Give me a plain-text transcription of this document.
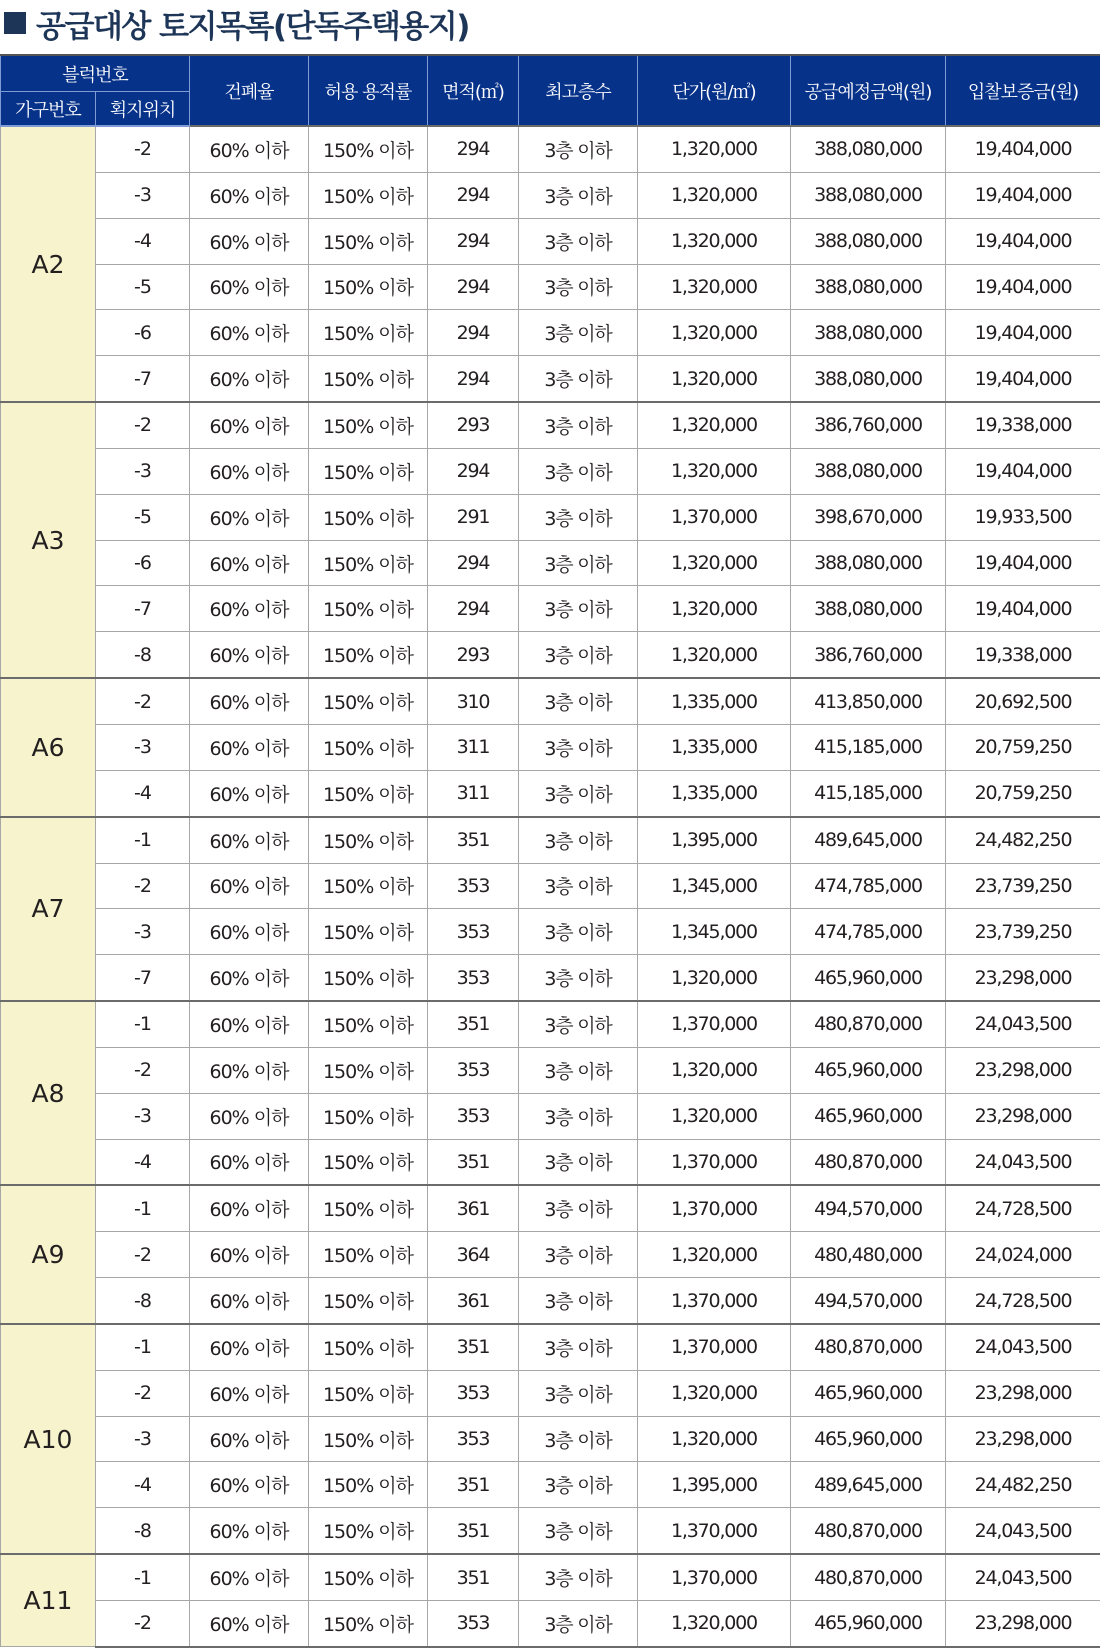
공급대상 토지목록(단독주택용지)
블럭번호		건폐율	허용 용적률	면적(㎡)	최고층수	단가(원/㎡)	공급예정금액(원)	입찰보증금(원)
가구번호	획지위치							
A2	-2	60% 이하	150% 이하	294	3층 이하	1,320,000	388,080,000	19,404,000
	-3	60% 이하	150% 이하	294	3층 이하	1,320,000	388,080,000	19,404,000
	-4	60% 이하	150% 이하	294	3층 이하	1,320,000	388,080,000	19,404,000
	-5	60% 이하	150% 이하	294	3층 이하	1,320,000	388,080,000	19,404,000
	-6	60% 이하	150% 이하	294	3층 이하	1,320,000	388,080,000	19,404,000
	-7	60% 이하	150% 이하	294	3층 이하	1,320,000	388,080,000	19,404,000
A3	-2	60% 이하	150% 이하	293	3층 이하	1,320,000	386,760,000	19,338,000
	-3	60% 이하	150% 이하	294	3층 이하	1,320,000	388,080,000	19,404,000
	-5	60% 이하	150% 이하	291	3층 이하	1,370,000	398,670,000	19,933,500
	-6	60% 이하	150% 이하	294	3층 이하	1,320,000	388,080,000	19,404,000
	-7	60% 이하	150% 이하	294	3층 이하	1,320,000	388,080,000	19,404,000
	-8	60% 이하	150% 이하	293	3층 이하	1,320,000	386,760,000	19,338,000
A6	-2	60% 이하	150% 이하	310	3층 이하	1,335,000	413,850,000	20,692,500
	-3	60% 이하	150% 이하	311	3층 이하	1,335,000	415,185,000	20,759,250
	-4	60% 이하	150% 이하	311	3층 이하	1,335,000	415,185,000	20,759,250
A7	-1	60% 이하	150% 이하	351	3층 이하	1,395,000	489,645,000	24,482,250
	-2	60% 이하	150% 이하	353	3층 이하	1,345,000	474,785,000	23,739,250
	-3	60% 이하	150% 이하	353	3층 이하	1,345,000	474,785,000	23,739,250
	-7	60% 이하	150% 이하	353	3층 이하	1,320,000	465,960,000	23,298,000
A8	-1	60% 이하	150% 이하	351	3층 이하	1,370,000	480,870,000	24,043,500
	-2	60% 이하	150% 이하	353	3층 이하	1,320,000	465,960,000	23,298,000
	-3	60% 이하	150% 이하	353	3층 이하	1,320,000	465,960,000	23,298,000
	-4	60% 이하	150% 이하	351	3층 이하	1,370,000	480,870,000	24,043,500
A9	-1	60% 이하	150% 이하	361	3층 이하	1,370,000	494,570,000	24,728,500
	-2	60% 이하	150% 이하	364	3층 이하	1,320,000	480,480,000	24,024,000
	-8	60% 이하	150% 이하	361	3층 이하	1,370,000	494,570,000	24,728,500
A10	-1	60% 이하	150% 이하	351	3층 이하	1,370,000	480,870,000	24,043,500
	-2	60% 이하	150% 이하	353	3층 이하	1,320,000	465,960,000	23,298,000
	-3	60% 이하	150% 이하	353	3층 이하	1,320,000	465,960,000	23,298,000
	-4	60% 이하	150% 이하	351	3층 이하	1,395,000	489,645,000	24,482,250
	-8	60% 이하	150% 이하	351	3층 이하	1,370,000	480,870,000	24,043,500
A11	-1	60% 이하	150% 이하	351	3층 이하	1,370,000	480,870,000	24,043,500
	-2	60% 이하	150% 이하	353	3층 이하	1,320,000	465,960,000	23,298,000
